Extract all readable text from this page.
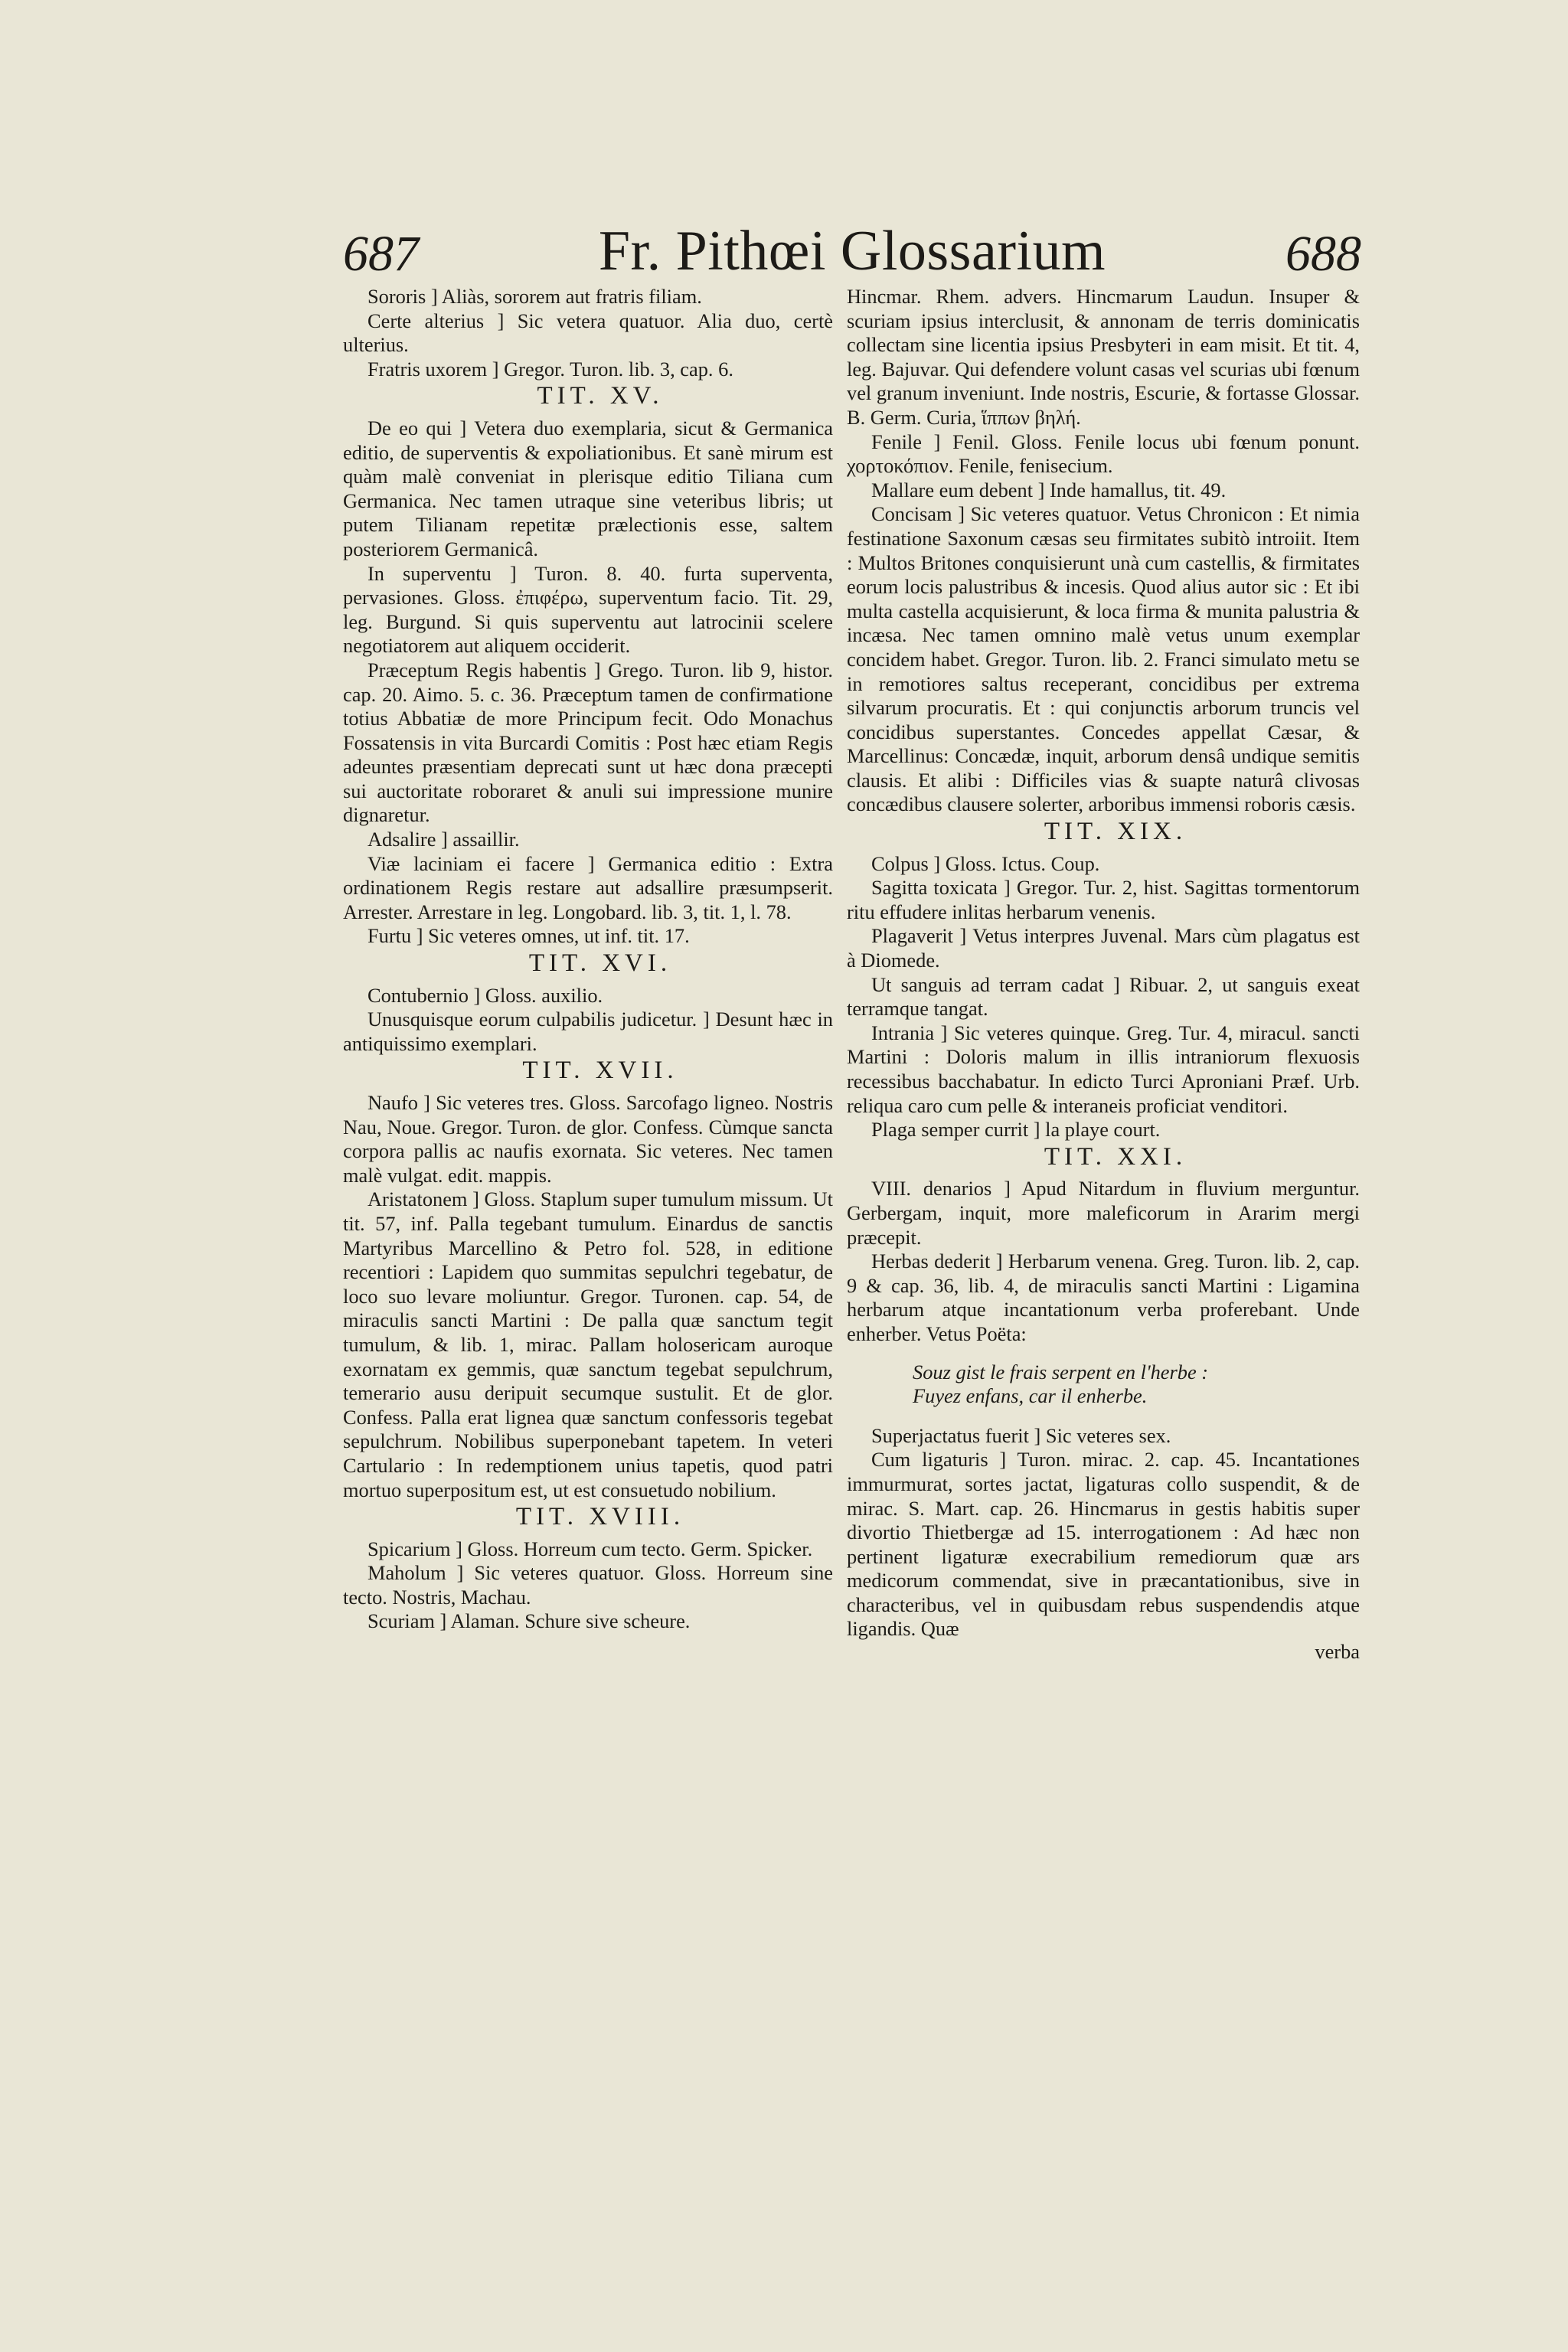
687	Fr. Pithœi Glossarium	688

Sororis ] Aliàs, sororem aut fratris filiam.

Certe alterius ] Sic vetera quatuor. Alia duo, certè ulterius.

Fratris uxorem ] Gregor. Turon. lib. 3, cap. 6.

TIT. XV.

De eo qui ] Vetera duo exemplaria, sicut & Germanica editio, de superventis & expoliationibus. Et sanè mirum est quàm malè conveniat in plerisque editio Tiliana cum Germanica. Nec tamen utraque sine veteribus libris; ut putem Tilianam repetitæ prælectionis esse, saltem posteriorem Germanicâ.

In superventu ] Turon. 8. 40. furta superventa, pervasiones. Gloss. ἐπιφέρω, superventum facio. Tit. 29, leg. Burgund. Si quis superventu aut latrocinii scelere negotiatorem aut aliquem occiderit.

Præceptum Regis habentis ] Grego. Turon. lib 9, histor. cap. 20. Aimo. 5. c. 36. Præceptum tamen de confirmatione totius Abbatiæ de more Principum fecit. Odo Monachus Fossatensis in vita Burcardi Comitis : Post hæc etiam Regis adeuntes præsentiam deprecati sunt ut hæc dona præcepti sui auctoritate roboraret & anuli sui impressione munire dignaretur.

Adsalire ] assaillir.

Viæ laciniam ei facere ] Germanica editio : Extra ordinationem Regis restare aut adsallire præsumpserit. Arrester. Arrestare in leg. Longobard. lib. 3, tit. 1, l. 78.

Furtu ] Sic veteres omnes, ut inf. tit. 17.

TIT. XVI.

Contubernio ] Gloss. auxilio.

Unusquisque eorum culpabilis judicetur. ] Desunt hæc in antiquissimo exemplari.

TIT. XVII.

Naufo ] Sic veteres tres. Gloss. Sarcofago ligneo. Nostris Nau, Noue. Gregor. Turon. de glor. Confess. Cùmque sancta corpora pallis ac naufis exornata. Sic veteres. Nec tamen malè vulgat. edit. mappis.

Aristatonem ] Gloss. Staplum super tumulum missum. Ut tit. 57, inf. Palla tegebant tumulum. Einardus de sanctis Martyribus Marcellino & Petro fol. 528, in editione recentiori : Lapidem quo summitas sepulchri tegebatur, de loco suo levare moliuntur. Gregor. Turonen. cap. 54, de miraculis sancti Martini : De palla quæ sanctum tegit tumulum, & lib. 1, mirac. Pallam holosericam auroque exornatam ex gemmis, quæ sanctum tegebat sepulchrum, temerario ausu deripuit secumque sustulit. Et de glor. Confess. Palla erat lignea quæ sanctum confessoris tegebat sepulchrum. Nobilibus superponebant tapetem. In veteri Cartulario : In redemptionem unius tapetis, quod patri mortuo superpositum est, ut est consuetudo nobilium.

TIT. XVIII.

Spicarium ] Gloss. Horreum cum tecto. Germ. Spicker.

Maholum ] Sic veteres quatuor. Gloss. Horreum sine tecto. Nostris, Machau.

Scuriam ] Alaman. Schure sive scheure.

Hincmar. Rhem. advers. Hincmarum Laudun. Insuper & scuriam ipsius interclusit, & annonam de terris dominicatis collectam sine licentia ipsius Presbyteri in eam misit. Et tit. 4, leg. Bajuvar. Qui defendere volunt casas vel scurias ubi fœnum vel granum inveniunt. Inde nostris, Escurie, & fortasse Glossar. B. Germ. Curia, ἵππων βηλή.

Fenile ] Fenil. Gloss. Fenile locus ubi fœnum ponunt. χορτοκόπιον. Fenile, fenisecium.

Mallare eum debent ] Inde hamallus, tit. 49.

Concisam ] Sic veteres quatuor. Vetus Chronicon : Et nimia festinatione Saxonum cæsas seu firmitates subitò introiit. Item : Multos Britones conquisierunt unà cum castellis, & firmitates eorum locis palustribus & incesis. Quod alius autor sic : Et ibi multa castella acquisierunt, & loca firma & munita palustria & incæsa. Nec tamen omnino malè vetus unum exemplar concidem habet. Gregor. Turon. lib. 2. Franci simulato metu se in remotiores saltus receperant, concidibus per extrema silvarum procuratis. Et : qui conjunctis arborum truncis vel concidibus superstantes. Concedes appellat Cæsar, & Marcellinus: Concædæ, inquit, arborum densâ undique semitis clausis. Et alibi : Difficiles vias & suapte naturâ clivosas concædibus clausere solerter, arboribus immensi roboris cæsis.

TIT. XIX.

Colpus ] Gloss. Ictus. Coup.

Sagitta toxicata ] Gregor. Tur. 2, hist. Sagittas tormentorum ritu effudere inlitas herbarum venenis.

Plagaverit ] Vetus interpres Juvenal. Mars cùm plagatus est à Diomede.

Ut sanguis ad terram cadat ] Ribuar. 2, ut sanguis exeat terramque tangat.

Intrania ] Sic veteres quinque. Greg. Tur. 4, miracul. sancti Martini : Doloris malum in illis intraniorum flexuosis recessibus bacchabatur. In edicto Turci Aproniani Præf. Urb. reliqua caro cum pelle & interaneis proficiat venditori.

Plaga semper currit ] la playe court.

TIT. XXI.

VIII. denarios ] Apud Nitardum in fluvium merguntur. Gerbergam, inquit, more maleficorum in Ararim mergi præcepit.

Herbas dederit ] Herbarum venena. Greg. Turon. lib. 2, cap. 9 & cap. 36, lib. 4, de miraculis sancti Martini : Ligamina herbarum atque incantationum verba proferebant. Unde enherber. Vetus Poëta:

Souz gist le frais serpent en l'herbe :
Fuyez enfans, car il enherbe.

Superjactatus fuerit ] Sic veteres sex.

Cum ligaturis ] Turon. mirac. 2. cap. 45. Incantationes immurmurat, sortes jactat, ligaturas collo suspendit, & de mirac. S. Mart. cap. 26. Hincmarus in gestis habitis super divortio Thietbergæ ad 15. interrogationem : Ad hæc non pertinent ligaturæ execrabilium remediorum quæ ars medicorum commendat, sive in præcantationibus, sive in characteribus, vel in quibusdam rebus suspendendis atque ligandis. Quæ

verba
